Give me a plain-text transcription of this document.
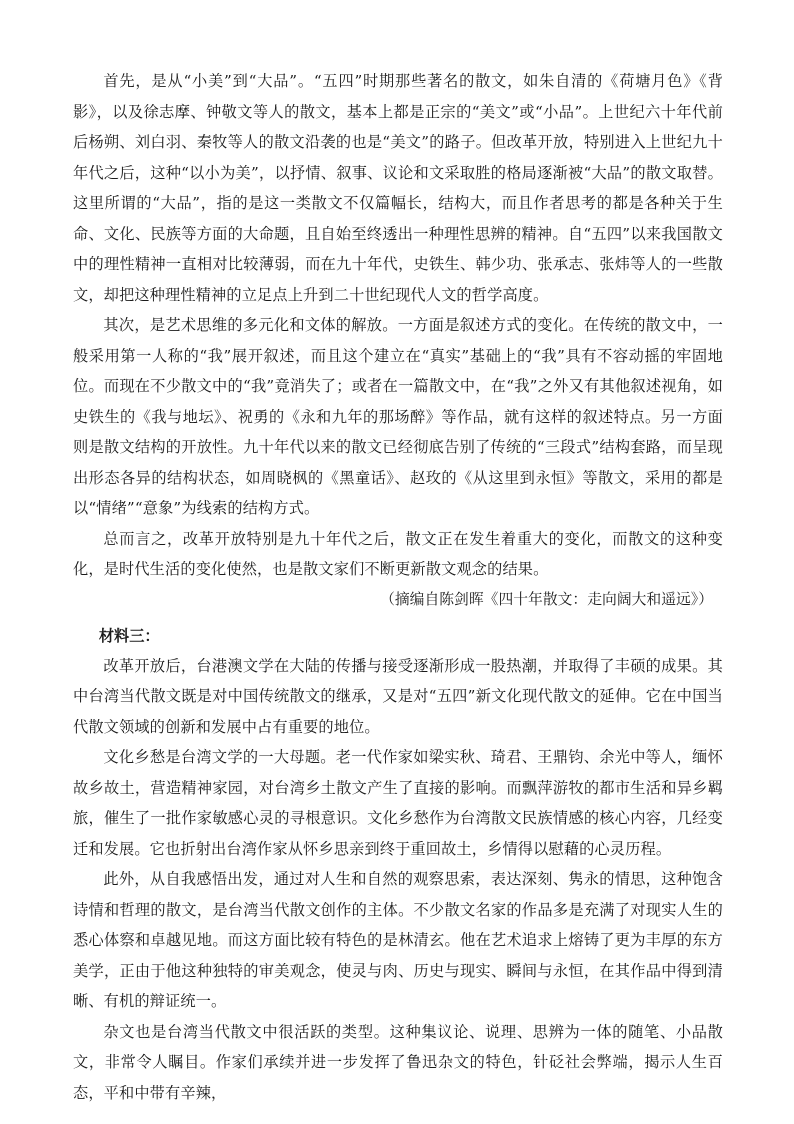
首先，是从“小美”到“大品”。“五四”时期那些著名的散文，如朱自清的《荷塘月色》《背影》，以及徐志摩、钟敬文等人的散文，基本上都是正宗的“美文”或“小品”。上世纪六十年代前后杨朔、刘白羽、秦牧等人的散文沿袭的也是“美文”的路子。但改革开放，特别进入上世纪九十年代之后，这种“以小为美”，以抒情、叙事、议论和文采取胜的格局逐渐被“大品”的散文取替。这里所谓的“大品”，指的是这一类散文不仅篇幅长，结构大，而且作者思考的都是各种关于生命、文化、民族等方面的大命题，且自始至终透出一种理性思辨的精神。自“五四”以来我国散文中的理性精神一直相对比较薄弱，而在九十年代，史铁生、韩少功、张承志、张炜等人的一些散文，却把这种理性精神的立足点上升到二十世纪现代人文的哲学高度。

其次，是艺术思维的多元化和文体的解放。一方面是叙述方式的变化。在传统的散文中，一般采用第一人称的“我”展开叙述，而且这个建立在“真实”基础上的“我”具有不容动摇的牢固地位。而现在不少散文中的“我”竟消失了；或者在一篇散文中，在“我”之外又有其他叙述视角，如史铁生的《我与地坛》、祝勇的《永和九年的那场醉》等作品，就有这样的叙述特点。另一方面则是散文结构的开放性。九十年代以来的散文已经彻底告别了传统的“三段式”结构套路，而呈现出形态各异的结构状态，如周晓枫的《黑童话》、赵玫的《从这里到永恒》等散文，采用的都是以“情绪”“意象”为线索的结构方式。

总而言之，改革开放特别是九十年代之后，散文正在发生着重大的变化，而散文的这种变化，是时代生活的变化使然，也是散文家们不断更新散文观念的结果。

（摘编自陈剑晖《四十年散文：走向阔大和遥远》）

材料三：

改革开放后，台港澳文学在大陆的传播与接受逐渐形成一股热潮，并取得了丰硕的成果。其中台湾当代散文既是对中国传统散文的继承，又是对“五四”新文化现代散文的延伸。它在中国当代散文领域的创新和发展中占有重要的地位。

文化乡愁是台湾文学的一大母题。老一代作家如梁实秋、琦君、王鼎钧、余光中等人，缅怀故乡故土，营造精神家园，对台湾乡土散文产生了直接的影响。而飘萍游牧的都市生活和异乡羁旅，催生了一批作家敏感心灵的寻根意识。文化乡愁作为台湾散文民族情感的核心内容，几经变迁和发展。它也折射出台湾作家从怀乡思亲到终于重回故土，乡情得以慰藉的心灵历程。

此外，从自我感悟出发，通过对人生和自然的观察思索，表达深刻、隽永的情思，这种饱含诗情和哲理的散文，是台湾当代散文创作的主体。不少散文名家的作品多是充满了对现实人生的悉心体察和卓越见地。而这方面比较有特色的是林清玄。他在艺术追求上熔铸了更为丰厚的东方美学，正由于他这种独特的审美观念，使灵与肉、历史与现实、瞬间与永恒，在其作品中得到清晰、有机的辩证统一。

杂文也是台湾当代散文中很活跃的类型。这种集议论、说理、思辨为一体的随笔、小品散文，非常令人瞩目。作家们承续并进一步发挥了鲁迅杂文的特色，针砭社会弊端，揭示人生百态，平和中带有辛辣，
